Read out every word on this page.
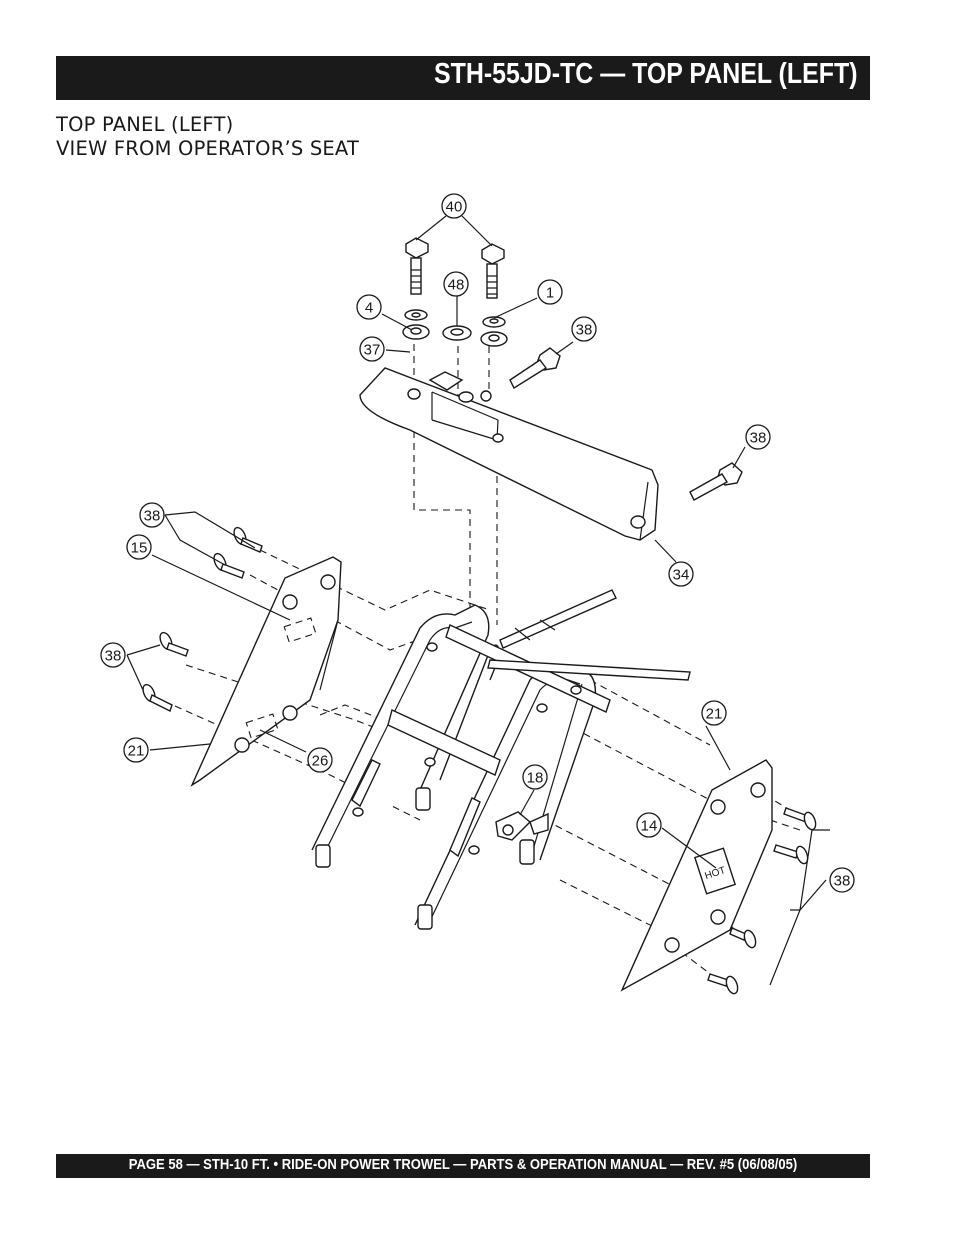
STH-55JD-TC — TOP PANEL (LEFT)
TOP PANEL (LEFT)
VIEW FROM OPERATOR’S SEAT
HOT
40
48	1
4
37
38
38
34
38
15
38
21
26
21
18
14
38
PAGE 58 — STH-10 FT. • RIDE-ON POWER TROWEL — PARTS & OPERATION MANUAL — REV. #5 (06/08/05)
